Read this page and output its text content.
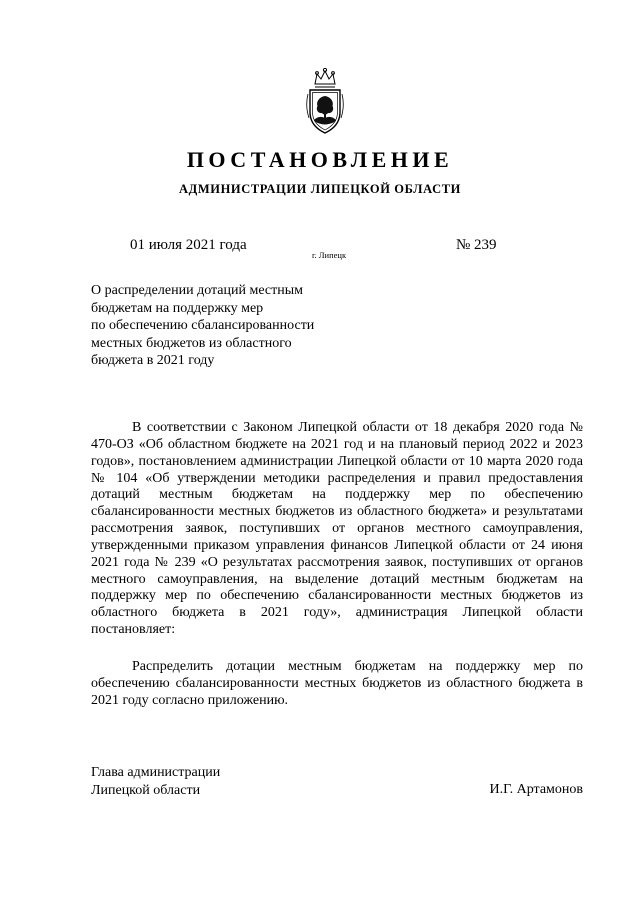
ПОСТАНОВЛЕНИЕ
АДМИНИСТРАЦИИ ЛИПЕЦКОЙ ОБЛАСТИ
01 июля 2021 года
г. Липецк
№ 239
О распределении дотаций местным
бюджетам на поддержку мер
по обеспечению сбалансированности
местных бюджетов из областного
бюджета в 2021 году
В соответствии с Законом Липецкой области от 18 декабря 2020 года № 470-ОЗ «Об областном бюджете на 2021 год и на плановый период 2022 и 2023 годов», постановлением администрации Липецкой области от 10 марта 2020 года № 104 «Об утверждении методики распределения и правил предоставления дотаций местным бюджетам на поддержку мер по обеспечению сбалансированности местных бюджетов из областного бюджета» и результатами рассмотрения заявок, поступивших от органов местного самоуправления, утвержденными приказом управления финансов Липецкой области от 24 июня 2021 года № 239 «О результатах рассмотрения заявок, поступивших от органов местного самоуправления, на выделение дотаций местным бюджетам на поддержку мер по обеспечению сбалансированности местных бюджетов из областного бюджета в 2021 году», администрация Липецкой области постановляет:
Распределить дотации местным бюджетам на поддержку мер по обеспечению сбалансированности местных бюджетов из областного бюджета в 2021 году согласно приложению.
Глава администрации
Липецкой области	И.Г. Артамонов
